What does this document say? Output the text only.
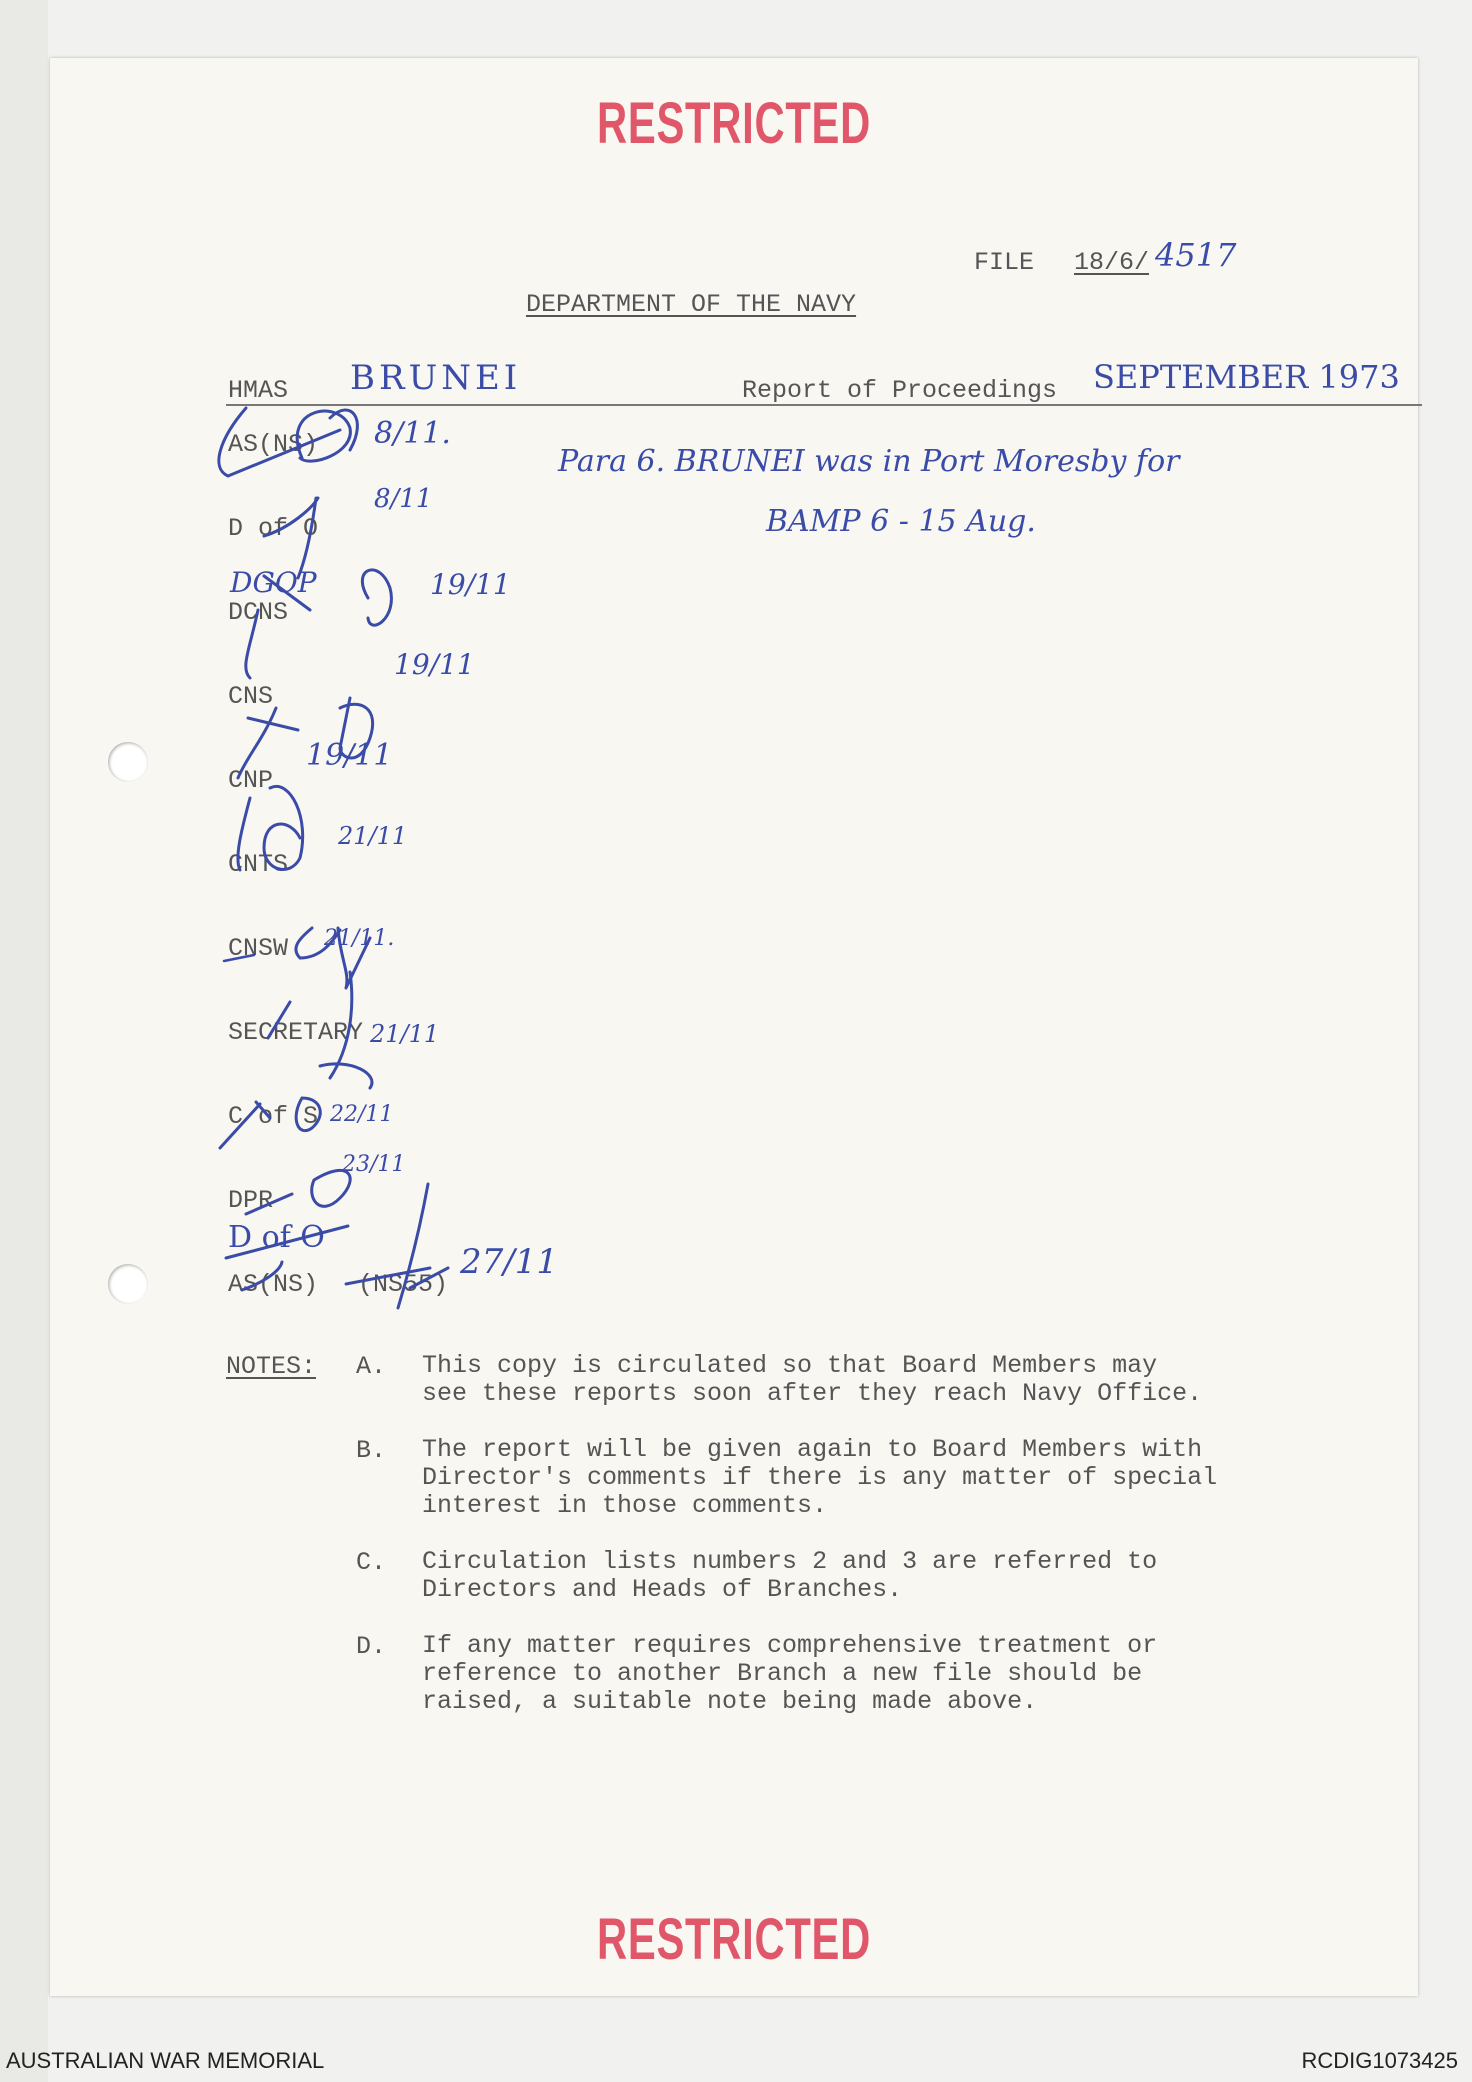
RESTRICTED
FILE 18/6/ 4517
DEPARTMENT OF THE NAVY
HMAS BRUNEI	Report of Proceedings SEPTEMBER 1973
Para 6. BRUNEI was in Port Moresby for
BAMP 6 - 15 Aug.
AS(NS)
D of O
DCNS
CNS
CNP
CNTS
CNSW
SECRETARY
C of S
DPR
D of O
AS(NS) (NS55)
DGOP
8/11.
8/11
19/11
19/11
19/11
21/11
21/11.
21/11
22/11
23/11
27/11
NOTES: A. This copy is circulated so that Board Members may
see these reports soon after they reach Navy Office.
B. The report will be given again to Board Members with
Director's comments if there is any matter of special
interest in those comments.
C. Circulation lists numbers 2 and 3 are referred to
Directors and Heads of Branches.
D. If any matter requires comprehensive treatment or
reference to another Branch a new file should be
raised, a suitable note being made above.
RESTRICTED
AUSTRALIAN WAR MEMORIAL	RCDIG1073425
